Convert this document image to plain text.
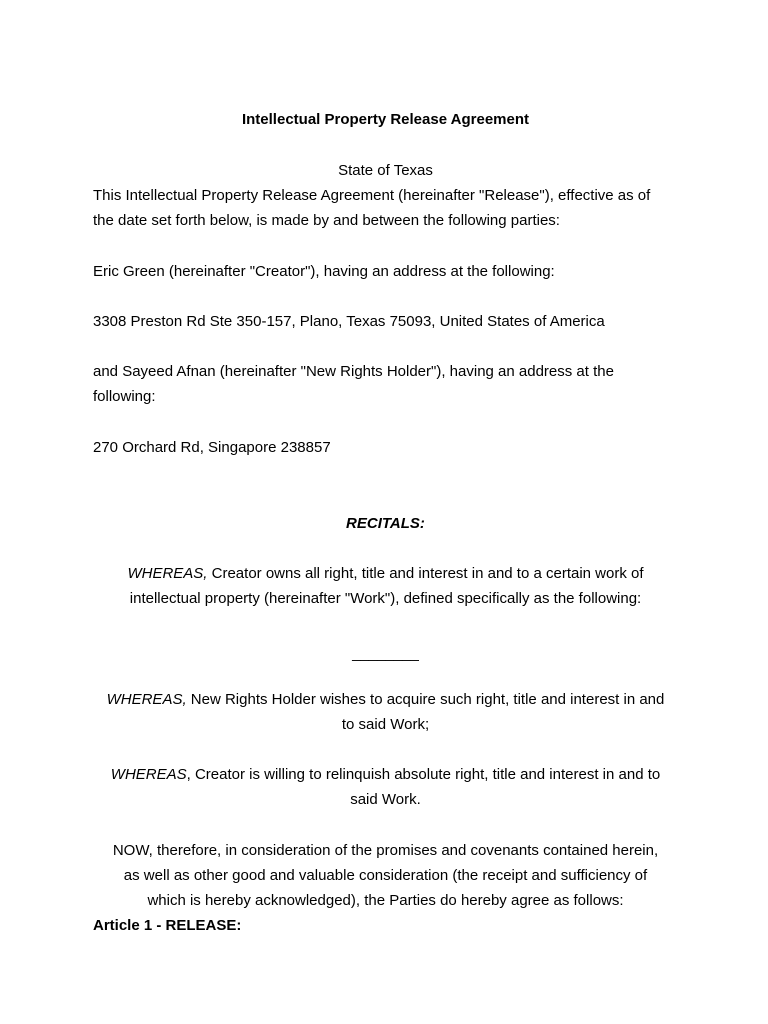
Intellectual Property Release Agreement
State of Texas
This Intellectual Property Release Agreement (hereinafter "Release"), effective as of
the date set forth below, is made by and between the following parties:
Eric Green (hereinafter "Creator"), having an address at the following:
3308 Preston Rd Ste 350-157, Plano, Texas 75093, United States of America
and Sayeed Afnan (hereinafter "New Rights Holder"), having an address at the
following:
270 Orchard Rd, Singapore 238857
RECITALS:
WHEREAS, Creator owns all right, title and interest in and to a certain work of
intellectual property (hereinafter "Work"), defined specifically as the following:
________
WHEREAS, New Rights Holder wishes to acquire such right, title and interest in and
to said Work;
WHEREAS, Creator is willing to relinquish absolute right, title and interest in and to
said Work.
NOW, therefore, in consideration of the promises and covenants contained herein,
as well as other good and valuable consideration (the receipt and sufficiency of
which is hereby acknowledged), the Parties do hereby agree as follows:
Article 1 - RELEASE:
